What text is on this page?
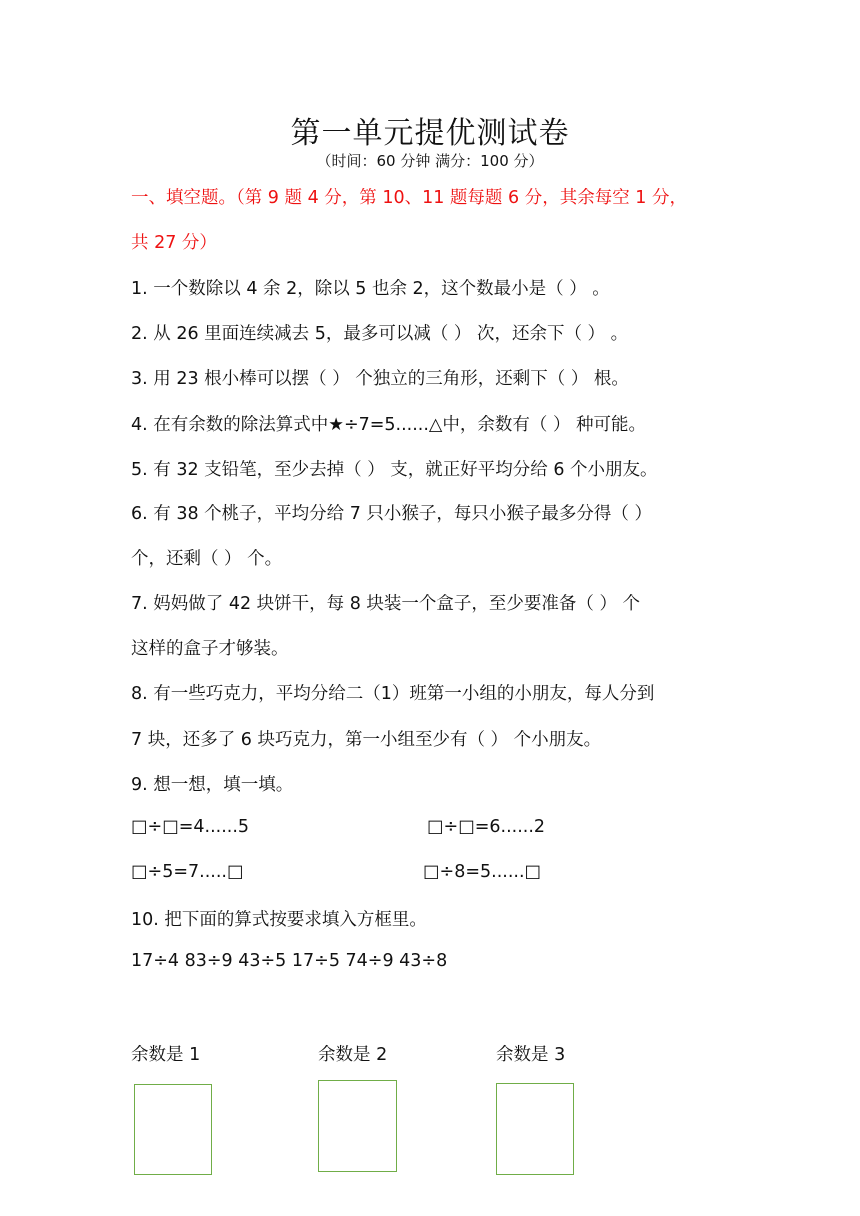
第一单元提优测试卷
（时间：60 分钟 满分：100 分）
一、填空题。（第 9 题 4 分，第 10、11 题每题 6 分，其余每空 1 分，
共 27 分）
1. 一个数除以 4 余 2，除以 5 也余 2，这个数最小是（ ） 。
2. 从 26 里面连续减去 5，最多可以减（ ） 次，还余下（ ） 。
3. 用 23 根小棒可以摆（ ） 个独立的三角形，还剩下（ ） 根。
4. 在有余数的除法算式中★÷7=5......△中，余数有（ ） 种可能。
5. 有 32 支铅笔，至少去掉（ ） 支，就正好平均分给 6 个小朋友。
6. 有 38 个桃子，平均分给 7 只小猴子，每只小猴子最多分得（ ）
个，还剩（ ） 个。
7. 妈妈做了 42 块饼干，每 8 块装一个盒子，至少要准备（ ） 个
这样的盒子才够装。
8. 有一些巧克力，平均分给二（1）班第一小组的小朋友，每人分到
7 块，还多了 6 块巧克力，第一小组至少有（ ） 个小朋友。
9. 想一想，填一填。
□÷□=4......5	□÷□=6......2
□÷5=7.....□	□÷8=5......□
10. 把下面的算式按要求填入方框里。
17÷4 83÷9 43÷5 17÷5 74÷9 43÷8
余数是 1	余数是 2	余数是 3
